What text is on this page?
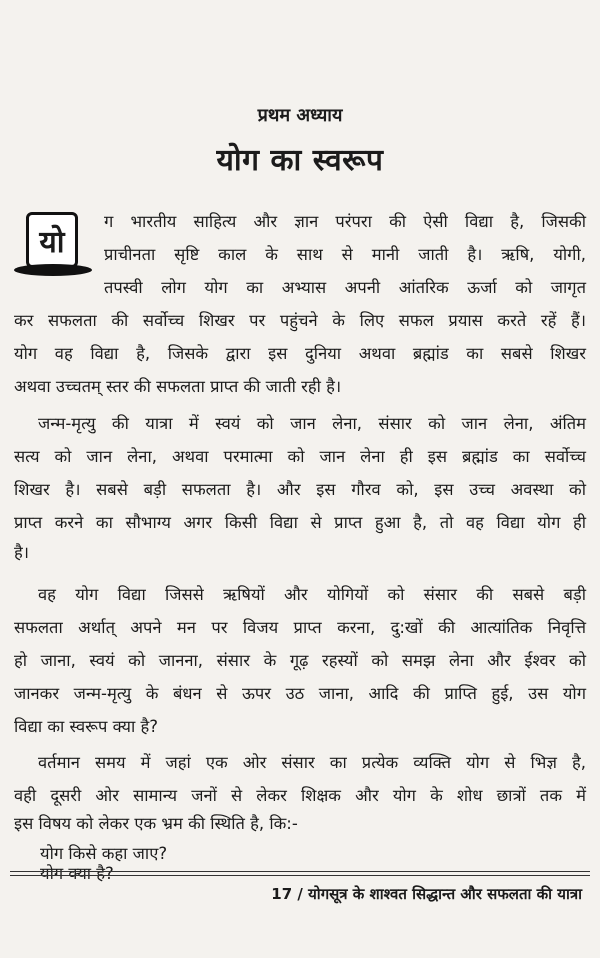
प्रथम अध्याय
योग का स्वरूप
यो
ग भारतीय साहित्य और ज्ञान परंपरा की ऐसी विद्या है, जिसकी
प्राचीनता सृष्टि काल के साथ से मानी जाती है। ऋषि, योगी,
तपस्वी लोग योग का अभ्यास अपनी आंतरिक ऊर्जा को जागृत
कर सफलता की सर्वोच्च शिखर पर पहुंचने के लिए सफल प्रयास करते रहें हैं।
योग वह विद्या है, जिसके द्वारा इस दुनिया अथवा ब्रह्मांड का सबसे शिखर
अथवा उच्चतम् स्तर की सफलता प्राप्त की जाती रही है।
जन्म-मृत्यु की यात्रा में स्वयं को जान लेना, संसार को जान लेना, अंतिम
सत्य को जान लेना, अथवा परमात्मा को जान लेना ही इस ब्रह्मांड का सर्वोच्च
शिखर है। सबसे बड़ी सफलता है। और इस गौरव को, इस उच्च अवस्था को
प्राप्त करने का सौभाग्य अगर किसी विद्या से प्राप्त हुआ है, तो वह विद्या योग ही
है।
वह योग विद्या जिससे ऋषियों और योगियों को संसार की सबसे बड़ी
सफलता अर्थात् अपने मन पर विजय प्राप्त करना, दु:खों की आत्यांतिक निवृत्ति
हो जाना, स्वयं को जानना, संसार के गूढ़ रहस्यों को समझ लेना और ईश्वर को
जानकर जन्म-मृत्यु के बंधन से ऊपर उठ जाना, आदि की प्राप्ति हुई, उस योग
विद्या का स्वरूप क्या है?
वर्तमान समय में जहां एक ओर संसार का प्रत्येक व्यक्ति योग से भिज्ञ है,
वही दूसरी ओर सामान्य जनों से लेकर शिक्षक और योग के शोध छात्रों तक में
इस विषय को लेकर एक भ्रम की स्थिति है, कि:-
योग किसे कहा जाए?
योग क्या है?
17 / योगसूत्र के शाश्वत सिद्धान्त और सफलता की यात्रा
